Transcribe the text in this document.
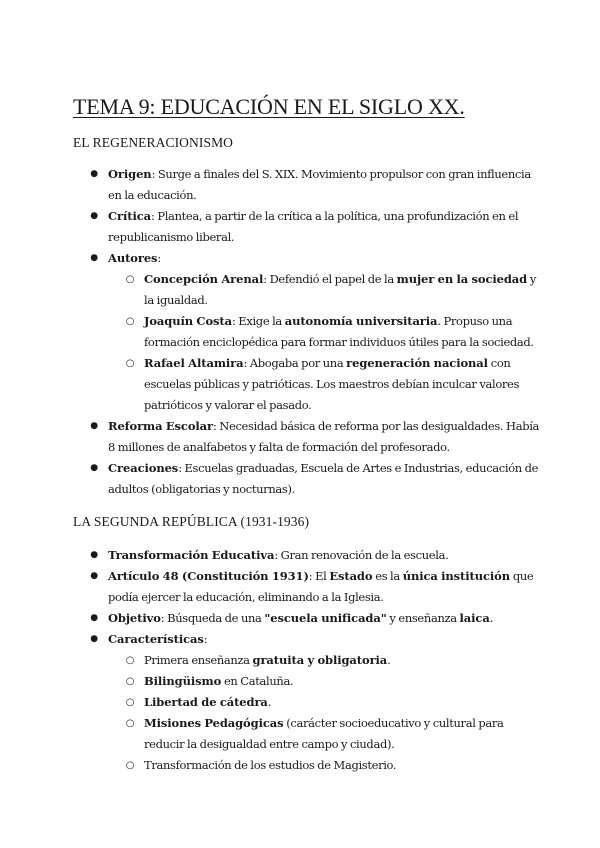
TEMA 9: EDUCACIÓN EN EL SIGLO XX.
EL REGENERACIONISMO
● Origen: Surge a finales del S. XIX. Movimiento propulsor con gran influencia en la educación.
● Crítica: Plantea, a partir de la crítica a la política, una profundización en el republicanismo liberal.
● Autores:
○ Concepción Arenal: Defendió el papel de la mujer en la sociedad y la igualdad.
○ Joaquín Costa: Exige la autonomía universitaria. Propuso una formación enciclopédica para formar individuos útiles para la sociedad.
○ Rafael Altamira: Abogaba por una regeneración nacional con escuelas públicas y patrióticas. Los maestros debían inculcar valores patrióticos y valorar el pasado.
● Reforma Escolar: Necesidad básica de reforma por las desigualdades. Había 8 millones de analfabetos y falta de formación del profesorado.
● Creaciones: Escuelas graduadas, Escuela de Artes e Industrias, educación de adultos (obligatorias y nocturnas).
LA SEGUNDA REPÚBLICA (1931-1936)
● Transformación Educativa: Gran renovación de la escuela.
● Artículo 48 (Constitución 1931): El Estado es la única institución que podía ejercer la educación, eliminando a la Iglesia.
● Objetivo: Búsqueda de una "escuela unificada" y enseñanza laica.
● Características:
○ Primera enseñanza gratuita y obligatoria.
○ Bilingüismo en Cataluña.
○ Libertad de cátedra.
○ Misiones Pedagógicas (carácter socioeducativo y cultural para reducir la desigualdad entre campo y ciudad).
○ Transformación de los estudios de Magisterio.
